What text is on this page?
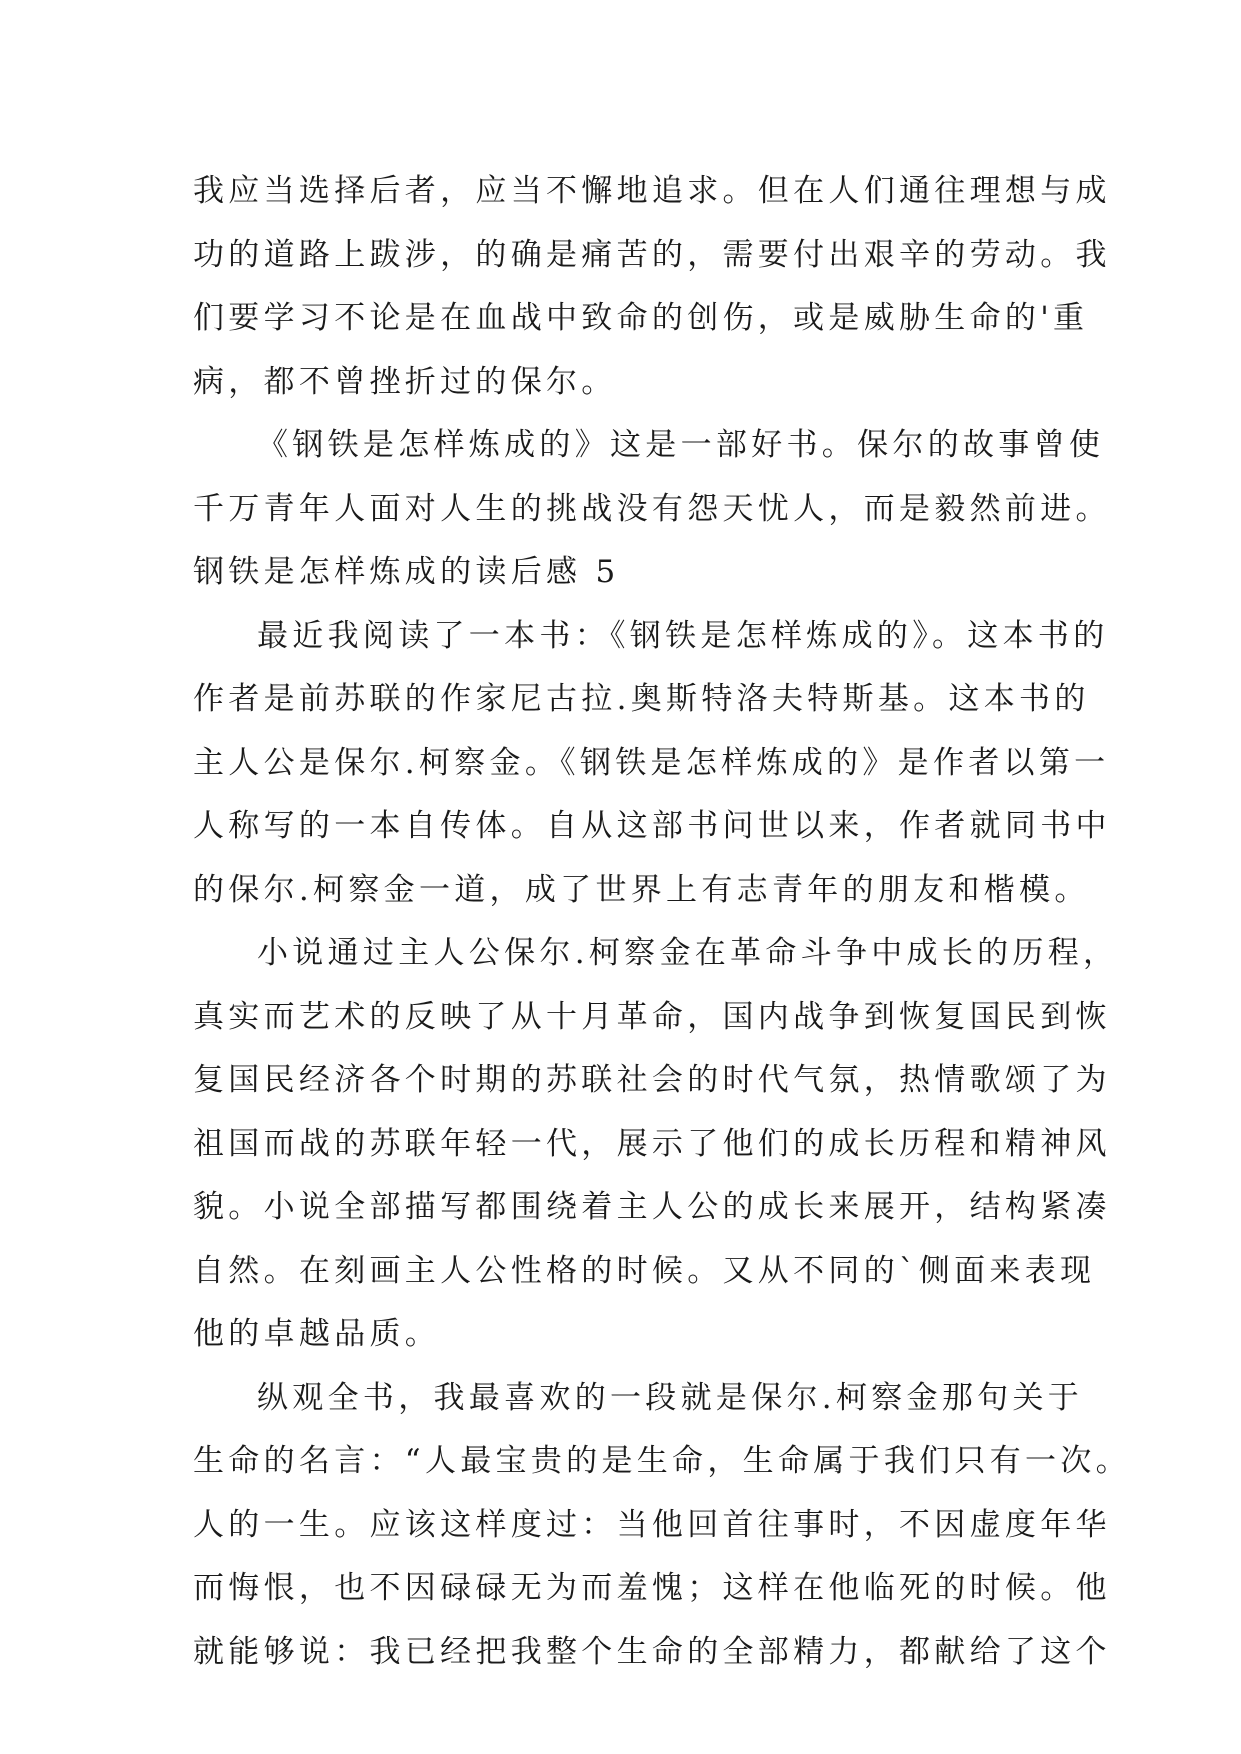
我应当选择后者，应当不懈地追求。但在人们通往理想与成
功的道路上跋涉，的确是痛苦的，需要付出艰辛的劳动。我
们要学习不论是在血战中致命的创伤，或是威胁生命的'重
病，都不曾挫折过的保尔。
《钢铁是怎样炼成的》这是一部好书。保尔的故事曾使
千万青年人面对人生的挑战没有怨天忧人，而是毅然前进。
钢铁是怎样炼成的读后感 5
最近我阅读了一本书：《钢铁是怎样炼成的》。这本书的
作者是前苏联的作家尼古拉.奥斯特洛夫特斯基。这本书的
主人公是保尔.柯察金。《钢铁是怎样炼成的》是作者以第一
人称写的一本自传体。自从这部书问世以来，作者就同书中
的保尔.柯察金一道，成了世界上有志青年的朋友和楷模。
小说通过主人公保尔.柯察金在革命斗争中成长的历程，
真实而艺术的反映了从十月革命，国内战争到恢复国民到恢
复国民经济各个时期的苏联社会的时代气氛，热情歌颂了为
祖国而战的苏联年轻一代，展示了他们的成长历程和精神风
貌。小说全部描写都围绕着主人公的成长来展开，结构紧凑
自然。在刻画主人公性格的时候。又从不同的`侧面来表现
他的卓越品质。
纵观全书，我最喜欢的一段就是保尔.柯察金那句关于
生命的名言：“人最宝贵的是生命，生命属于我们只有一次。
人的一生。应该这样度过：当他回首往事时，不因虚度年华
而悔恨，也不因碌碌无为而羞愧；这样在他临死的时候。他
就能够说：我已经把我整个生命的全部精力，都献给了这个
